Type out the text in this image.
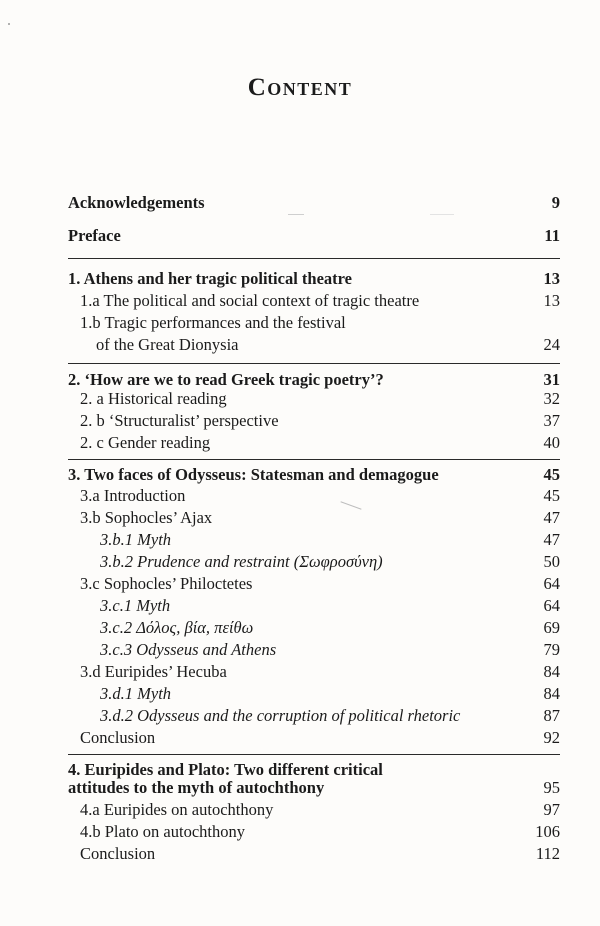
Content
Acknowledgements	9
Preface	11
1. Athens and her tragic political theatre	13
1.a The political and social context of tragic theatre	13
1.b Tragic performances and the festival
of the Great Dionysia	24
2. ‘How are we to read Greek tragic poetry’?	31
2. a Historical reading	32
2. b ‘Structuralist’ perspective	37
2. c Gender reading	40
3. Two faces of Odysseus: Statesman and demagogue	45
3.a Introduction	45
3.b Sophocles’ Ajax	47
3.b.1 Myth	47
3.b.2 Prudence and restraint (Σωφροσύνη)	50
3.c Sophocles’ Philoctetes	64
3.c.1 Myth	64
3.c.2 Δόλος, βία, πείθω	69
3.c.3 Odysseus and Athens	79
3.d Euripides’ Hecuba	84
3.d.1 Myth	84
3.d.2 Odysseus and the corruption of political rhetoric	87
Conclusion	92
4. Euripides and Plato: Two different critical
attitudes to the myth of autochthony	95
4.a Euripides on autochthony	97
4.b Plato on autochthony	106
Conclusion	112
